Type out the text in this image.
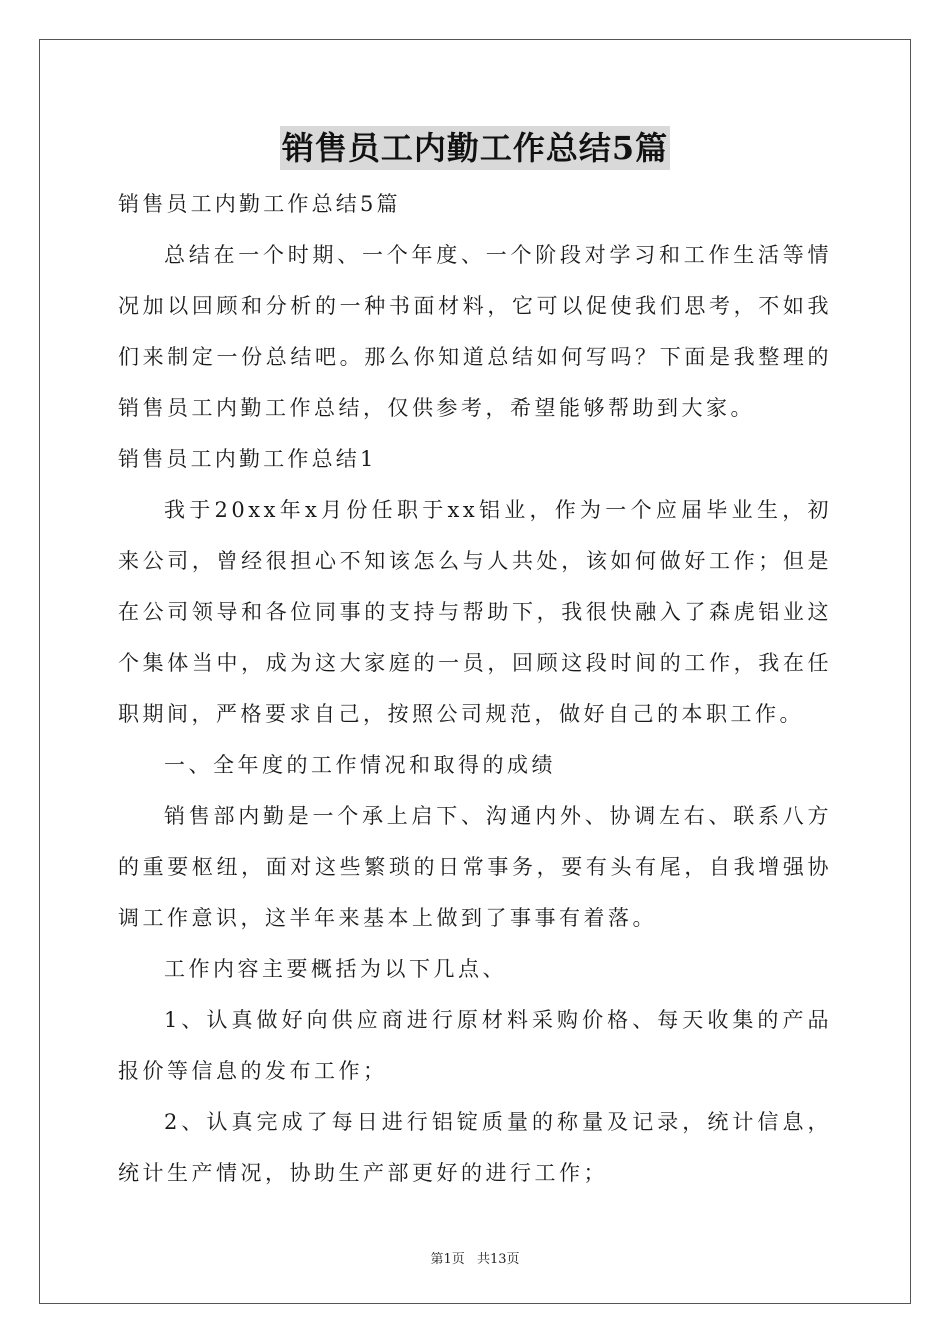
销售员工内勤工作总结5篇

销售员工内勤工作总结5篇

总结在一个时期、一个年度、一个阶段对学习和工作生活等情况加以回顾和分析的一种书面材料，它可以促使我们思考，不如我们来制定一份总结吧。那么你知道总结如何写吗？下面是我整理的销售员工内勤工作总结，仅供参考，希望能够帮助到大家。

销售员工内勤工作总结1

我于20xx年x月份任职于xx铝业，作为一个应届毕业生，初来公司，曾经很担心不知该怎么与人共处，该如何做好工作；但是在公司领导和各位同事的支持与帮助下，我很快融入了森虎铝业这个集体当中，成为这大家庭的一员，回顾这段时间的工作，我在任职期间，严格要求自己，按照公司规范，做好自己的本职工作。

一、全年度的工作情况和取得的成绩

销售部内勤是一个承上启下、沟通内外、协调左右、联系八方的重要枢纽，面对这些繁琐的日常事务，要有头有尾，自我增强协调工作意识，这半年来基本上做到了事事有着落。

工作内容主要概括为以下几点、

1、认真做好向供应商进行原材料采购价格、每天收集的产品报价等信息的发布工作；

2、认真完成了每日进行铝锭质量的称量及记录，统计信息，统计生产情况，协助生产部更好的进行工作；

第1页 共13页
